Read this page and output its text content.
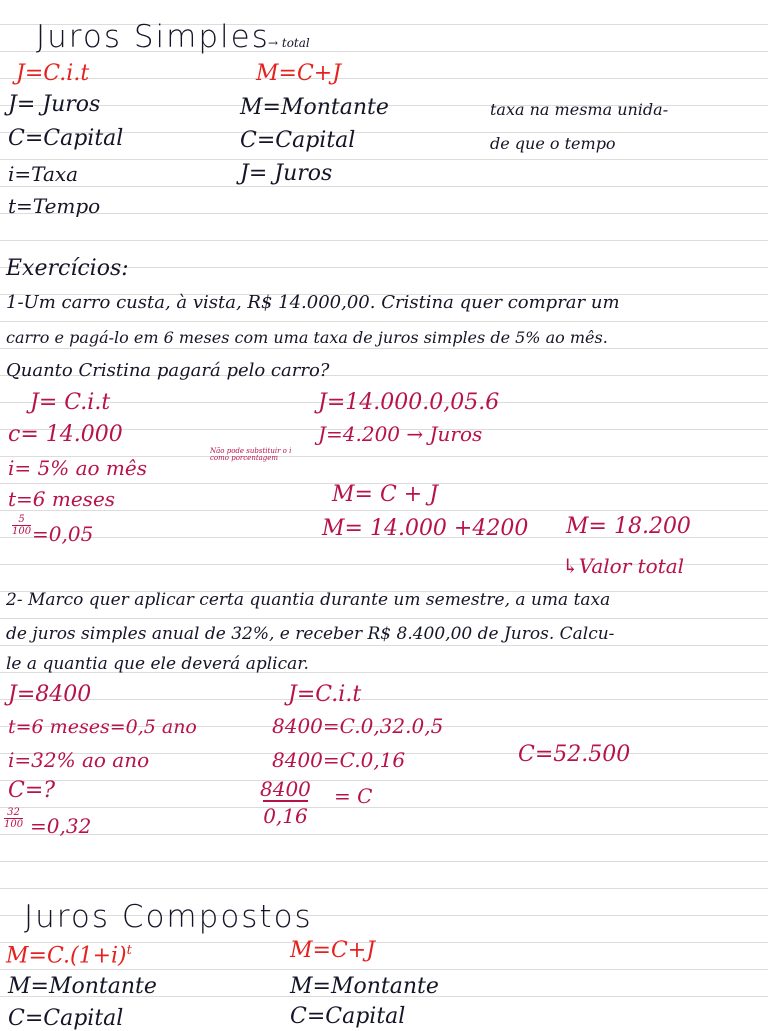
Juros Simples
→ total
J=C.i.t	M=C+J
J= Juros
C=Capital
i=Taxa
t=Tempo
M=Montante
C=Capital
J= Juros
taxa na mesma unida-
de que o tempo
Exercícios:
1-Um carro custa, à vista, R$ 14.000,00. Cristina quer comprar um
carro e pagá-lo em 6 meses com uma taxa de juros simples de 5% ao mês.
Quanto Cristina pagará pelo carro?
J= C.i.t
c= 14.000
i= 5% ao mês
Não pode substituir o i como porcentagem
t=6 meses
$\frac{5}{100} =0,05$
J=14.000.0,05.6
J=4.200 → Juros
M= C + J
M= 14.000 +4200 M= 18.200
↳Valor total
2- Marco quer aplicar certa quantia durante um semestre, a uma taxa
de juros simples anual de 32%, e receber R$ 8.400,00 de Juros. Calcu-
le a quantia que ele deverá aplicar.
J=8400
t=6 meses=0,5 ano
i=32% ao ano
C=?
$\frac{32}{100} =0,32$
J=C.i.t
8400=C.0,32.0,5
8400=C.0,16
$\frac{8400}{0,16} = C$
C=52.500
Juros Compostos
$M=C.(1+i)^t$	M=C+J
M=Montante
C=Capital
M=Montante
C=Capital
